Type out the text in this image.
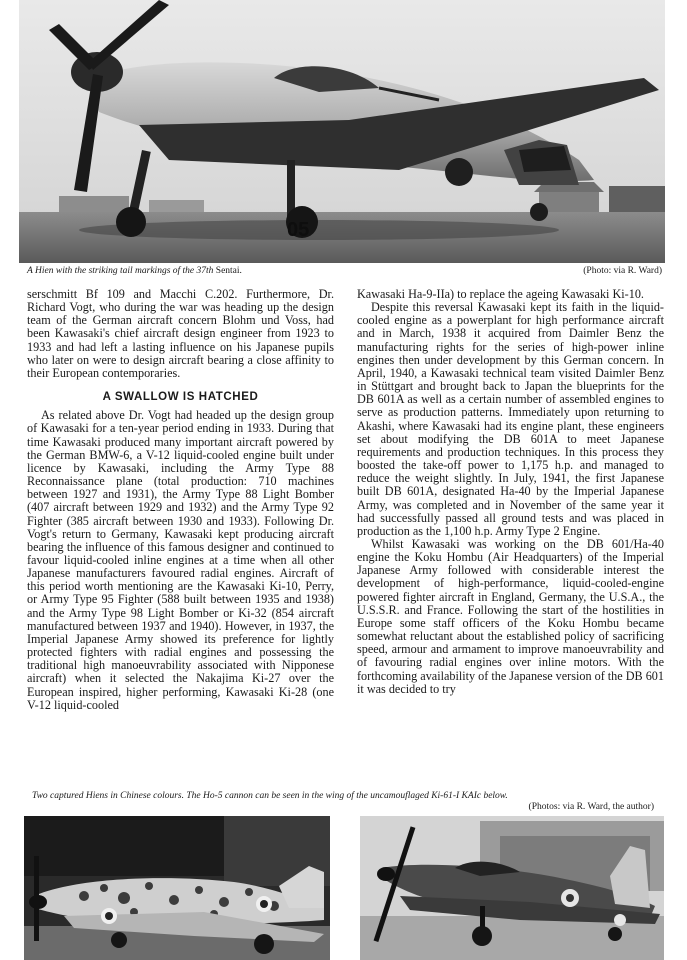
05
A Hien with the striking tail markings of the 37th Sentai.	(Photo: via R. Ward)

serschmitt Bf 109 and Macchi C.202. Furthermore, Dr. Richard Vogt, who during the war was heading up the design team of the German aircraft concern Blohm und Voss, had been Kawasaki's chief aircraft design engineer from 1923 to 1933 and had left a lasting influence on his Japanese pupils who later on were to design aircraft bearing a close affinity to their European contemporaries.

A SWALLOW IS HATCHED

As related above Dr. Vogt had headed up the design group of Kawasaki for a ten-year period ending in 1933. During that time Kawasaki produced many important aircraft powered by the German BMW-6, a V-12 liquid-cooled engine built under licence by Kawasaki, including the Army Type 88 Reconnaissance plane (total production: 710 machines between 1927 and 1931), the Army Type 88 Light Bomber (407 aircraft between 1929 and 1932) and the Army Type 92 Fighter (385 aircraft between 1930 and 1933). Following Dr. Vogt's return to Germany, Kawasaki kept producing aircraft bearing the influence of this famous designer and continued to favour liquid-cooled inline engines at a time when all other Japanese manufacturers favoured radial engines. Aircraft of this period worth mentioning are the Kawasaki Ki-10, Perry, or Army Type 95 Fighter (588 built between 1935 and 1938) and the Army Type 98 Light Bomber or Ki-32 (854 aircraft manufactured between 1937 and 1940). However, in 1937, the Imperial Japanese Army showed its preference for lightly protected fighters with radial engines and possessing the traditional high manoeuvrability associated with Nipponese aircraft) when it selected the Nakajima Ki-27 over the European inspired, higher performing, Kawasaki Ki-28 (one V-12 liquid-cooled

Kawasaki Ha-9-IIa) to replace the ageing Kawasaki Ki-10.

Despite this reversal Kawasaki kept its faith in the liquid-cooled engine as a powerplant for high performance aircraft and in March, 1938 it acquired from Daimler Benz the manufacturing rights for the series of high-power inline engines then under development by this German concern. In April, 1940, a Kawasaki technical team visited Daimler Benz in Stüttgart and brought back to Japan the blueprints for the DB 601A as well as a certain number of assembled engines to serve as production patterns. Immediately upon returning to Akashi, where Kawasaki had its engine plant, these engineers set about modifying the DB 601A to meet Japanese requirements and production techniques. In this process they boosted the take-off power to 1,175 h.p. and managed to reduce the weight slightly. In July, 1941, the first Japanese built DB 601A, designated Ha-40 by the Imperial Japanese Army, was completed and in November of the same year it had successfully passed all ground tests and was placed in production as the 1,100 h.p. Army Type 2 Engine.

Whilst Kawasaki was working on the DB 601/Ha-40 engine the Koku Hombu (Air Headquarters) of the Imperial Japanese Army followed with considerable interest the development of high-performance, liquid-cooled-engine powered fighter aircraft in England, Germany, the U.S.A., the U.S.S.R. and France. Following the start of the hostilities in Europe some staff officers of the Koku Hombu became somewhat reluctant about the established policy of sacrificing speed, armour and armament to improve manoeuvrability and of favouring radial engines over inline motors. With the forthcoming availability of the Japanese version of the DB 601 it was decided to try

Two captured Hiens in Chinese colours. The Ho-5 cannon can be seen in the wing of the uncamouflaged Ki-61-I KAIc below.
(Photos: via R. Ward, the author)
